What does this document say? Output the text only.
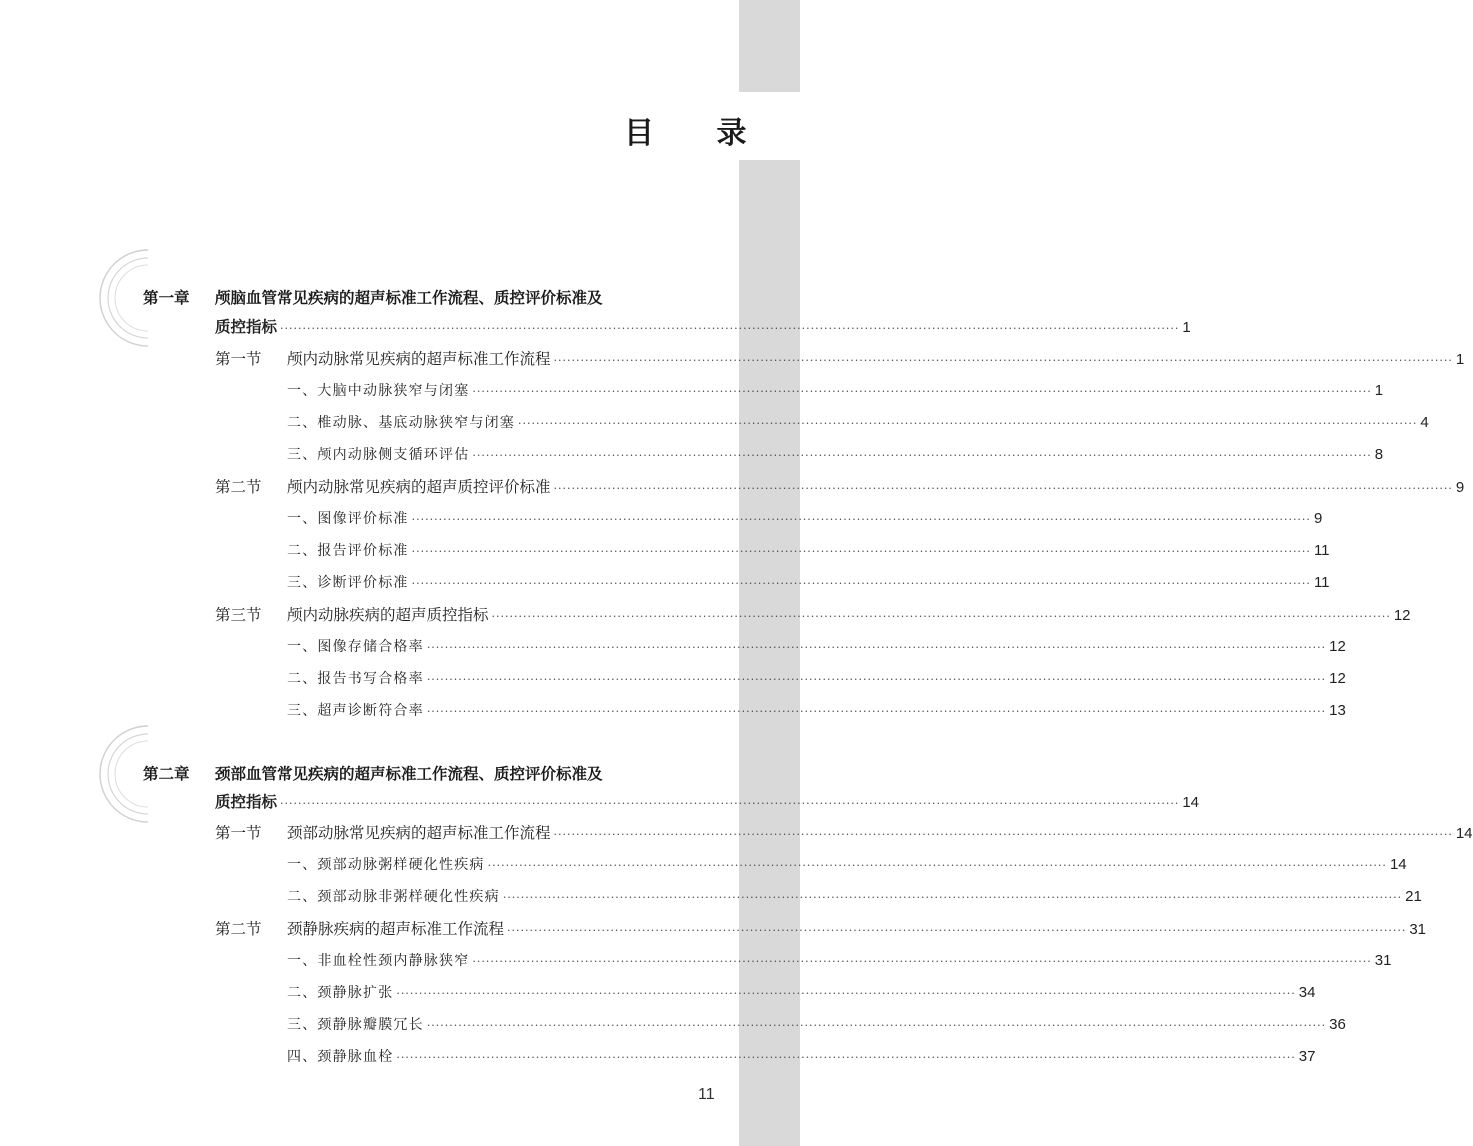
目 录
第一章 颅脑血管常见疾病的超声标准工作流程、质控评价标准及
质控指标 ········································································································································································································ 1
第一节 颅内动脉常见疾病的超声标准工作流程 ········································································································································································································ 1
一、大脑中动脉狭窄与闭塞 ········································································································································································································ 1
二、椎动脉、基底动脉狭窄与闭塞 ········································································································································································································ 4
三、颅内动脉侧支循环评估 ········································································································································································································ 8
第二节 颅内动脉常见疾病的超声质控评价标准 ········································································································································································································ 9
一、图像评价标准 ········································································································································································································ 9
二、报告评价标准 ········································································································································································································ 11
三、诊断评价标准 ········································································································································································································ 11
第三节 颅内动脉疾病的超声质控指标 ········································································································································································································ 12
一、图像存储合格率 ········································································································································································································ 12
二、报告书写合格率 ········································································································································································································ 12
三、超声诊断符合率 ········································································································································································································ 13
第二章 颈部血管常见疾病的超声标准工作流程、质控评价标准及
质控指标 ········································································································································································································ 14
第一节 颈部动脉常见疾病的超声标准工作流程 ········································································································································································································ 14
一、颈部动脉粥样硬化性疾病 ········································································································································································································ 14
二、颈部动脉非粥样硬化性疾病 ········································································································································································································ 21
第二节 颈静脉疾病的超声标准工作流程 ········································································································································································································ 31
一、非血栓性颈内静脉狭窄 ········································································································································································································ 31
二、颈静脉扩张 ········································································································································································································ 34
三、颈静脉瓣膜冗长 ········································································································································································································ 36
四、颈静脉血栓 ········································································································································································································ 37
11
